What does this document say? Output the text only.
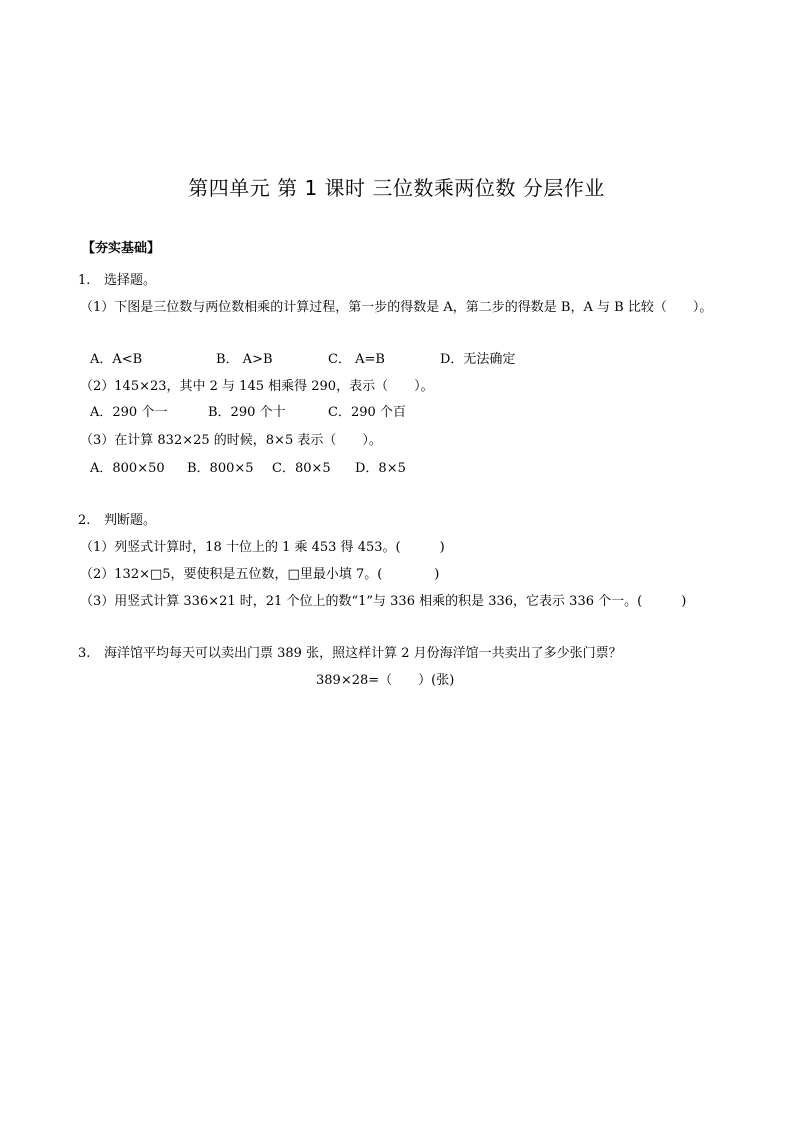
第四单元 第 1 课时 三位数乘两位数 分层作业
【夯实基础】
1. 选择题。
（1）下图是三位数与两位数相乘的计算过程，第一步的得数是 A，第二步的得数是 B，A 与 B 比较（　　）。
A．A<B	B． A>B	C． A=B	D．无法确定
（2）145×23，其中 2 与 145 相乘得 290，表示（　　）。
A．290 个一	B．290 个十	C．290 个百
（3）在计算 832×25 的时候，8×5 表示（　　）。
A．800×50 B．800×5 C．80×5 D．8×5
2. 判断题。
（1）列竖式计算时，18 十位上的 1 乘 453 得 453。(　　　)
（2）132×□5，要使积是五位数，□里最小填 7。(　　　　)
（3）用竖式计算 336×21 时，21 个位上的数“1”与 336 相乘的积是 336，它表示 336 个一。(　　　)
3. 海洋馆平均每天可以卖出门票 389 张，照这样计算 2 月份海洋馆一共卖出了多少张门票？
389×28=（　　）(张)
